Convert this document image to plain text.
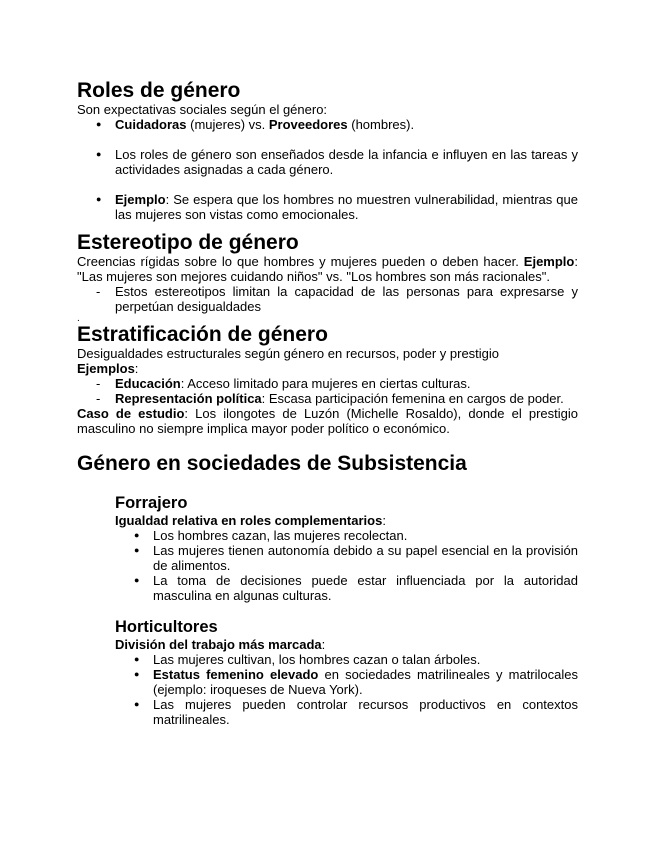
Roles de género

Son expectativas sociales según el género:

● Cuidadoras (mujeres) vs. Proveedores (hombres).
● Los roles de género son enseñados desde la infancia e influyen en las tareas y actividades asignadas a cada género.
● Ejemplo: Se espera que los hombres no muestren vulnerabilidad, mientras que las mujeres son vistas como emocionales.
Estereotipo de género

Creencias rígidas sobre lo que hombres y mujeres pueden o deben hacer. Ejemplo: "Las mujeres son mejores cuidando niños" vs. "Los hombres son más racionales".

- Estos estereotipos limitan la capacidad de las personas para expresarse y perpetúan desigualdades
.
Estratificación de género

Desigualdades estructurales según género en recursos, poder y prestigio

Ejemplos:

- Educación: Acceso limitado para mujeres en ciertas culturas.
- Representación política: Escasa participación femenina en cargos de poder.

Caso de estudio: Los ilongotes de Luzón (Michelle Rosaldo), donde el prestigio masculino no siempre implica mayor poder político o económico.

Género en sociedades de Subsistencia
Forrajero

Igualdad relativa en roles complementarios:

● Los hombres cazan, las mujeres recolectan.
● Las mujeres tienen autonomía debido a su papel esencial en la provisión de alimentos.
● La toma de decisiones puede estar influenciada por la autoridad masculina en algunas culturas.
Horticultores

División del trabajo más marcada:

● Las mujeres cultivan, los hombres cazan o talan árboles.
● Estatus femenino elevado en sociedades matrilineales y matrilocales (ejemplo: iroqueses de Nueva York).
● Las mujeres pueden controlar recursos productivos en contextos matrilineales.
